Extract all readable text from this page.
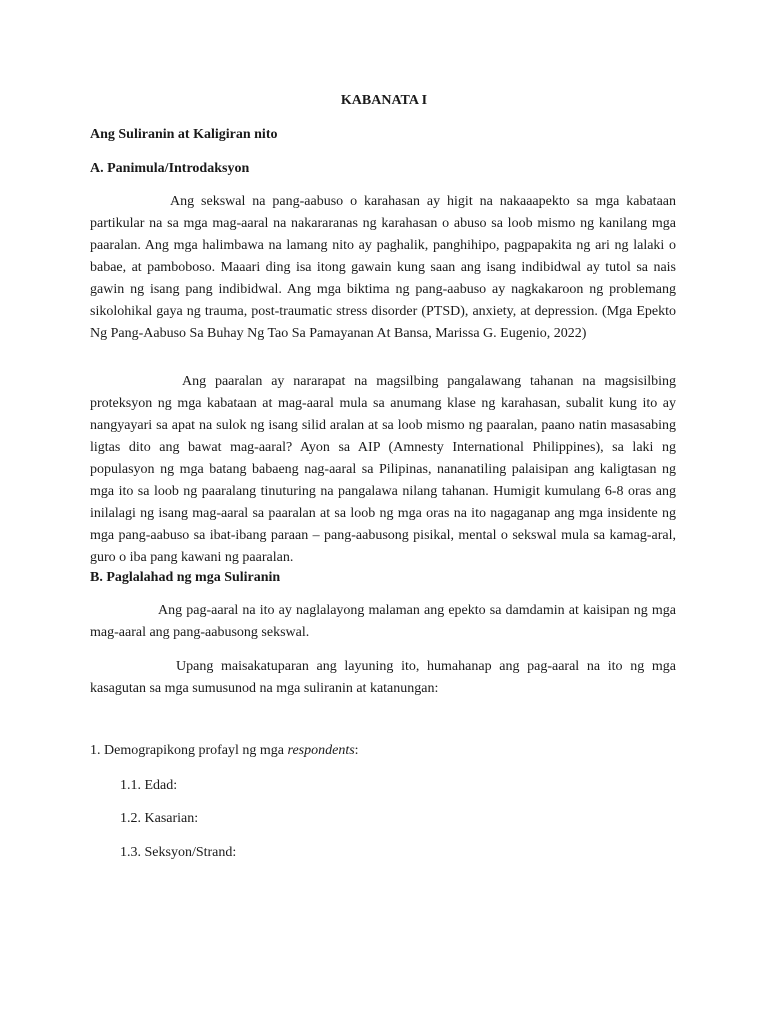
KABANATA I
Ang Suliranin at Kaligiran nito
A. Panimula/Introdaksyon

Ang sekswal na pang-aabuso o karahasan ay higit na nakaaapekto sa mga kabataan partikular na sa mga mag-aaral na nakararanas ng karahasan o abuso sa loob mismo ng kanilang mga paaralan. Ang mga halimbawa na lamang nito ay paghalik, panghihipo, pagpapakita ng ari ng lalaki o babae, at pamboboso. Maaari ding isa itong gawain kung saan ang isang indibidwal ay tutol sa nais gawin ng isang pang indibidwal. Ang mga biktima ng pang-aabuso ay nagkakaroon ng problemang sikolohikal gaya ng trauma, post-traumatic stress disorder (PTSD), anxiety, at depression. (Mga Epekto Ng Pang-Aabuso Sa Buhay Ng Tao Sa Pamayanan At Bansa, Marissa G. Eugenio, 2022)

Ang paaralan ay nararapat na magsilbing pangalawang tahanan na magsisilbing proteksyon ng mga kabataan at mag-aaral mula sa anumang klase ng karahasan, subalit kung ito ay nangyayari sa apat na sulok ng isang silid aralan at sa loob mismo ng paaralan, paano natin masasabing ligtas dito ang bawat mag-aaral? Ayon sa AIP (Amnesty International Philippines), sa laki ng populasyon ng mga batang babaeng nag-aaral sa Pilipinas, nananatiling palaisipan ang kaligtasan ng mga ito sa loob ng paaralang tinuturing na pangalawa nilang tahanan. Humigit kumulang 6-8 oras ang inilalagi ng isang mag-aaral sa paaralan at sa loob ng mga oras na ito nagaganap ang mga insidente ng mga pang-aabuso sa ibat-ibang paraan – pang-aabusong pisikal, mental o sekswal mula sa kamag-aral, guro o iba pang kawani ng paaralan.

B. Paglalahad ng mga Suliranin

Ang pag-aaral na ito ay naglalayong malaman ang epekto sa damdamin at kaisipan ng mga mag-aaral ang pang-aabusong sekswal.

Upang maisakatuparan ang layuning ito, humahanap ang pag-aaral na ito ng mga kasagutan sa mga sumusunod na mga suliranin at katanungan:

1. Demograpikong profayl ng mga respondents:
1.1. Edad:
1.2. Kasarian:
1.3. Seksyon/Strand:
